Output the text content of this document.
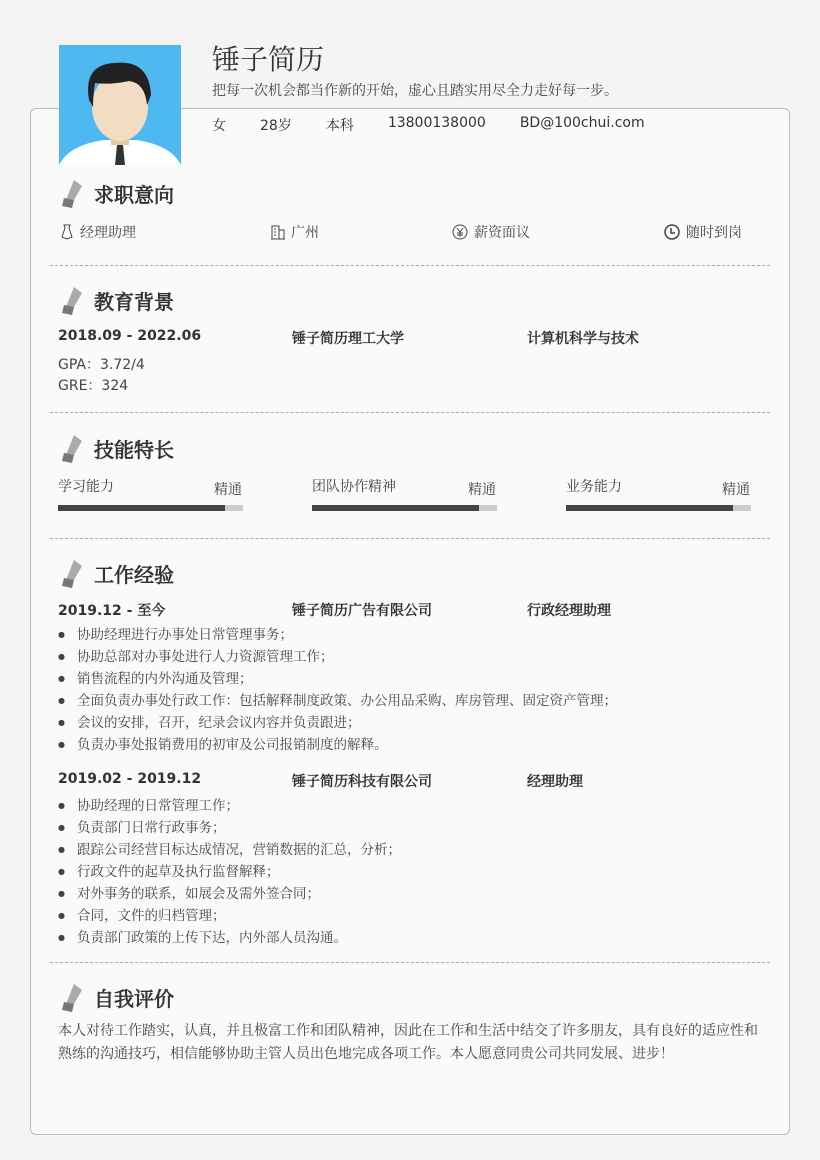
锤子简历
把每一次机会都当作新的开始，虚心且踏实用尽全力走好每一步。
女 28岁 本科 13800138000 BD@100chui.com
求职意向
经理助理	广州	薪资面议	随时到岗
教育背景
2018.09 - 2022.06	锤子简历理工大学	计算机科学与技术
GPA：3.72/4
GRE：324
技能特长
学习能力	精通	团队协作精神	精通	业务能力	精通
工作经验
2019.12 - 至今	锤子简历广告有限公司	行政经理助理
● 协助经理进行办事处日常管理事务；
● 协助总部对办事处进行人力资源管理工作；
● 销售流程的内外沟通及管理；
● 全面负责办事处行政工作：包括解释制度政策、办公用品采购、库房管理、固定资产管理；
● 会议的安排，召开，纪录会议内容并负责跟进；
● 负责办事处报销费用的初审及公司报销制度的解释。
2019.02 - 2019.12	锤子简历科技有限公司	经理助理
● 协助经理的日常管理工作；
● 负责部门日常行政事务；
● 跟踪公司经营目标达成情况，营销数据的汇总，分析；
● 行政文件的起草及执行监督解释；
● 对外事务的联系，如展会及需外签合同；
● 合同，文件的归档管理；
● 负责部门政策的上传下达，内外部人员沟通。
自我评价
本人对待工作踏实，认真，并且极富工作和团队精神，因此在工作和生活中结交了许多朋友，具有良好的适应性和熟练的沟通技巧，相信能够协助主管人员出色地完成各项工作。本人愿意同贵公司共同发展、进步！
